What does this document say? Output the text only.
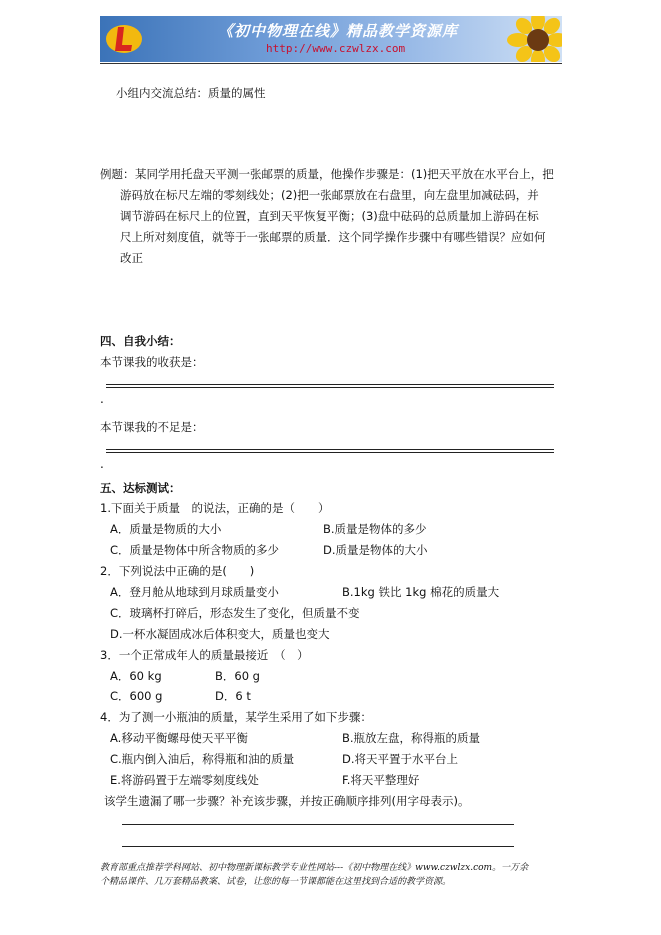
《初中物理在线》精品教学资源库
http://www.czwlzx.com
小组内交流总结：质量的属性
例题： 某同学用托盘天平测一张邮票的质量，他操作步骤是：(1)把天平放在水平台上，把
游码放在标尺左端的零刻线处；(2)把一张邮票放在右盘里，向左盘里加减砝码，并
调节游码在标尺上的位置，直到天平恢复平衡；(3)盘中砝码的总质量加上游码在标
尺上所对刻度值，就等于一张邮票的质量．这个同学操作步骤中有哪些错误？应如何
改正
四、自我小结：
本节课我的收获是：
.
本节课我的不足是：
.
五、达标测试：
1.下面关于质量　的说法，正确的是（　　）
A．质量是物质的大小	B.质量是物体的多少
C．质量是物体中所含物质的多少	D.质量是物体的大小
2．下列说法中正确的是(　　)
A．登月舱从地球到月球质量变小	B.1kg 铁比 1kg 棉花的质量大
C．玻璃杯打碎后，形态发生了变化，但质量不变
D.一杯水凝固成冰后体积变大，质量也变大
3．一个正常成年人的质量最接近　（　）
A．60 kg	B．60 g
C．600 g	D．6 t
4．为了测一小瓶油的质量，某学生采用了如下步骤：
A.移动平衡螺母使天平平衡	B.瓶放左盘，称得瓶的质量
C.瓶内倒入油后，称得瓶和油的质量	D.将天平置于水平台上
E.将游码置于左端零刻度线处	F.将天平整理好
该学生遗漏了哪一步骤？补充该步骤，并按正确顺序排列(用字母表示)。
教育部重点推荐学科网站、初中物理新课标教学专业性网站---《初中物理在线》www.czwlzx.com。一万余
个精品课件、几万套精品教案、试卷，让您的每一节课都能在这里找到合适的教学资源。
